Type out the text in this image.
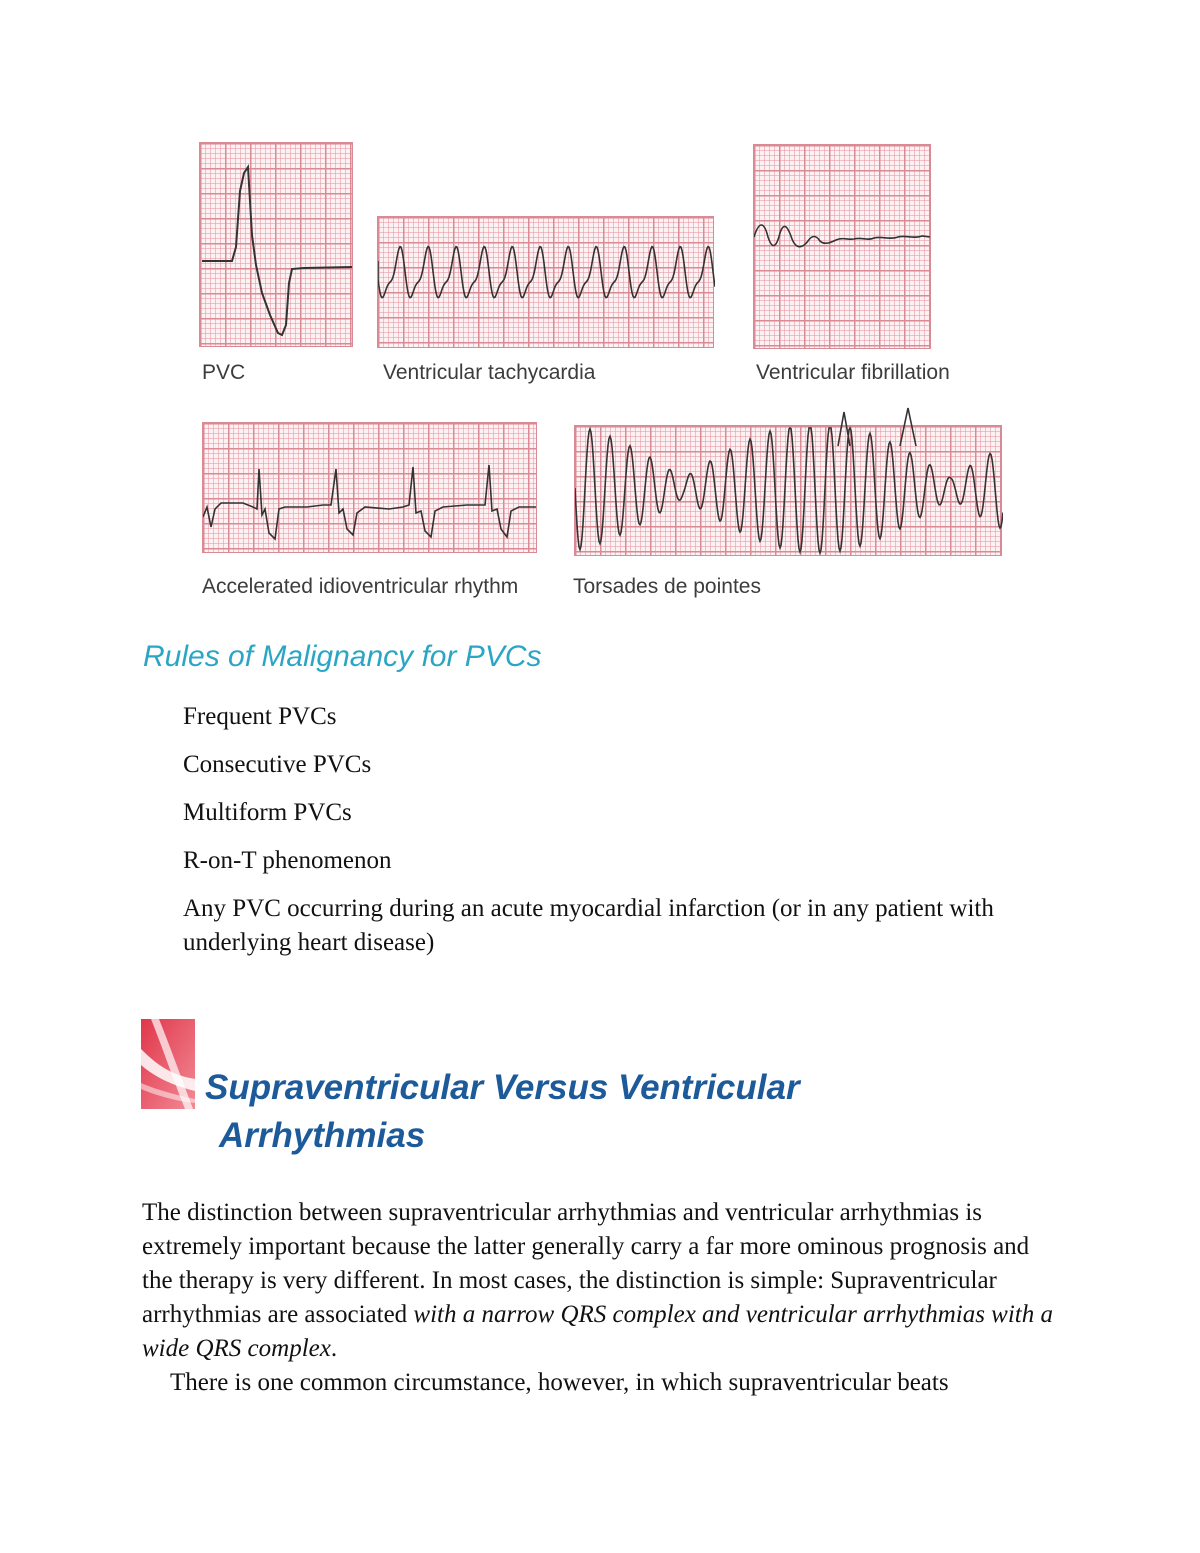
PVC	Ventricular tachycardia	Ventricular fibrillation
Accelerated idioventricular rhythm	Torsades de pointes
Rules of Malignancy for PVCs
Frequent PVCs
Consecutive PVCs
Multiform PVCs
R-on-T phenomenon
Any PVC occurring during an acute myocardial infarction (or in any patient with underlying heart disease)
Supraventricular Versus Ventricular
Arrhythmias

The distinction between supraventricular arrhythmias and ventricular arrhythmias is extremely important because the latter generally carry a far more ominous prognosis and the therapy is very different. In most cases, the distinction is simple: Supraventricular arrhythmias are associated with a narrow QRS complex and ventricular arrhythmias with a wide QRS complex.
There is one common circumstance, however, in which supraventricular beats
